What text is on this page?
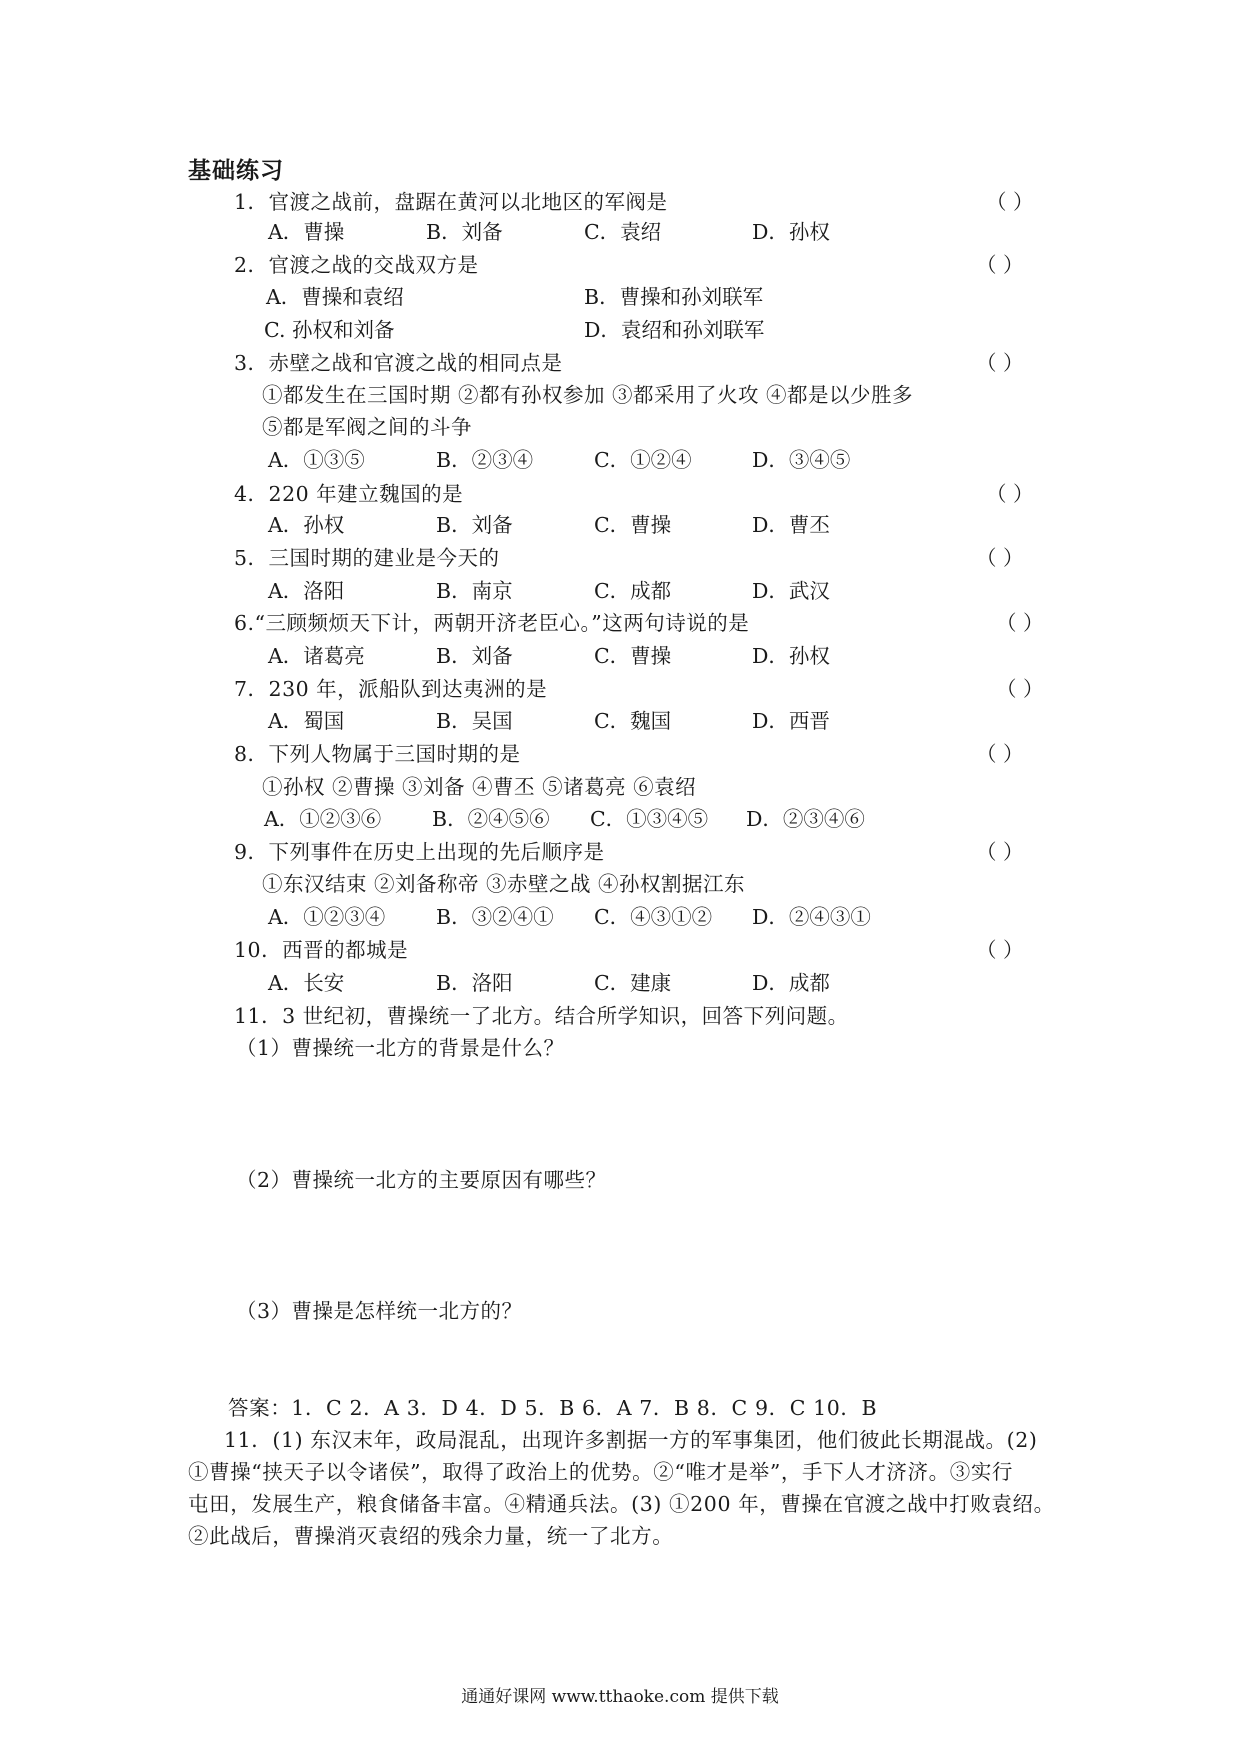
基础练习
1．官渡之战前，盘踞在黄河以北地区的军阀是	（ ）
A．曹操	B．刘备	C．袁绍	D．孙权
2．官渡之战的交战双方是	（ ）
A．曹操和袁绍	B．曹操和孙刘联军
C. 孙权和刘备	D．袁绍和孙刘联军
3．赤壁之战和官渡之战的相同点是	（ ）
①都发生在三国时期 ②都有孙权参加 ③都采用了火攻 ④都是以少胜多
⑤都是军阀之间的斗争
A．①③⑤	B．②③④	C．①②④	D．③④⑤
4．220 年建立魏国的是	（ ）
A．孙权	B．刘备	C．曹操	D．曹丕
5．三国时期的建业是今天的	（ ）
A．洛阳	B．南京	C．成都	D．武汉
6.“三顾频烦天下计，两朝开济老臣心。”这两句诗说的是	（ ）
A．诸葛亮	B．刘备	C．曹操	D．孙权
7．230 年，派船队到达夷洲的是	（ ）
A．蜀国	B．吴国	C．魏国	D．西晋
8．下列人物属于三国时期的是	（ ）
①孙权 ②曹操 ③刘备 ④曹丕 ⑤诸葛亮 ⑥袁绍
A．①②③⑥ B．②④⑤⑥ C．①③④⑤ D．②③④⑥
9．下列事件在历史上出现的先后顺序是	（ ）
①东汉结束 ②刘备称帝 ③赤壁之战 ④孙权割据江东
A．①②③④ B．③②④① C．④③①② D．②④③①
10．西晋的都城是	（ ）
A．长安	B．洛阳	C．建康	D．成都
11．3 世纪初，曹操统一了北方。结合所学知识，回答下列问题。
（1）曹操统一北方的背景是什么？
（2）曹操统一北方的主要原因有哪些？
（3）曹操是怎样统一北方的？
答案：1．C 2．A 3．D 4．D 5．B 6．A 7．B 8．C 9．C 10．B
11．(1) 东汉末年，政局混乱，出现许多割据一方的军事集团，他们彼此长期混战。(2)
①曹操“挟天子以令诸侯”，取得了政治上的优势。②“唯才是举”，手下人才济济。③实行
屯田，发展生产，粮食储备丰富。④精通兵法。(3) ①200 年，曹操在官渡之战中打败袁绍。
②此战后，曹操消灭袁绍的残余力量，统一了北方。
通通好课网 www.tthaoke.com 提供下载
